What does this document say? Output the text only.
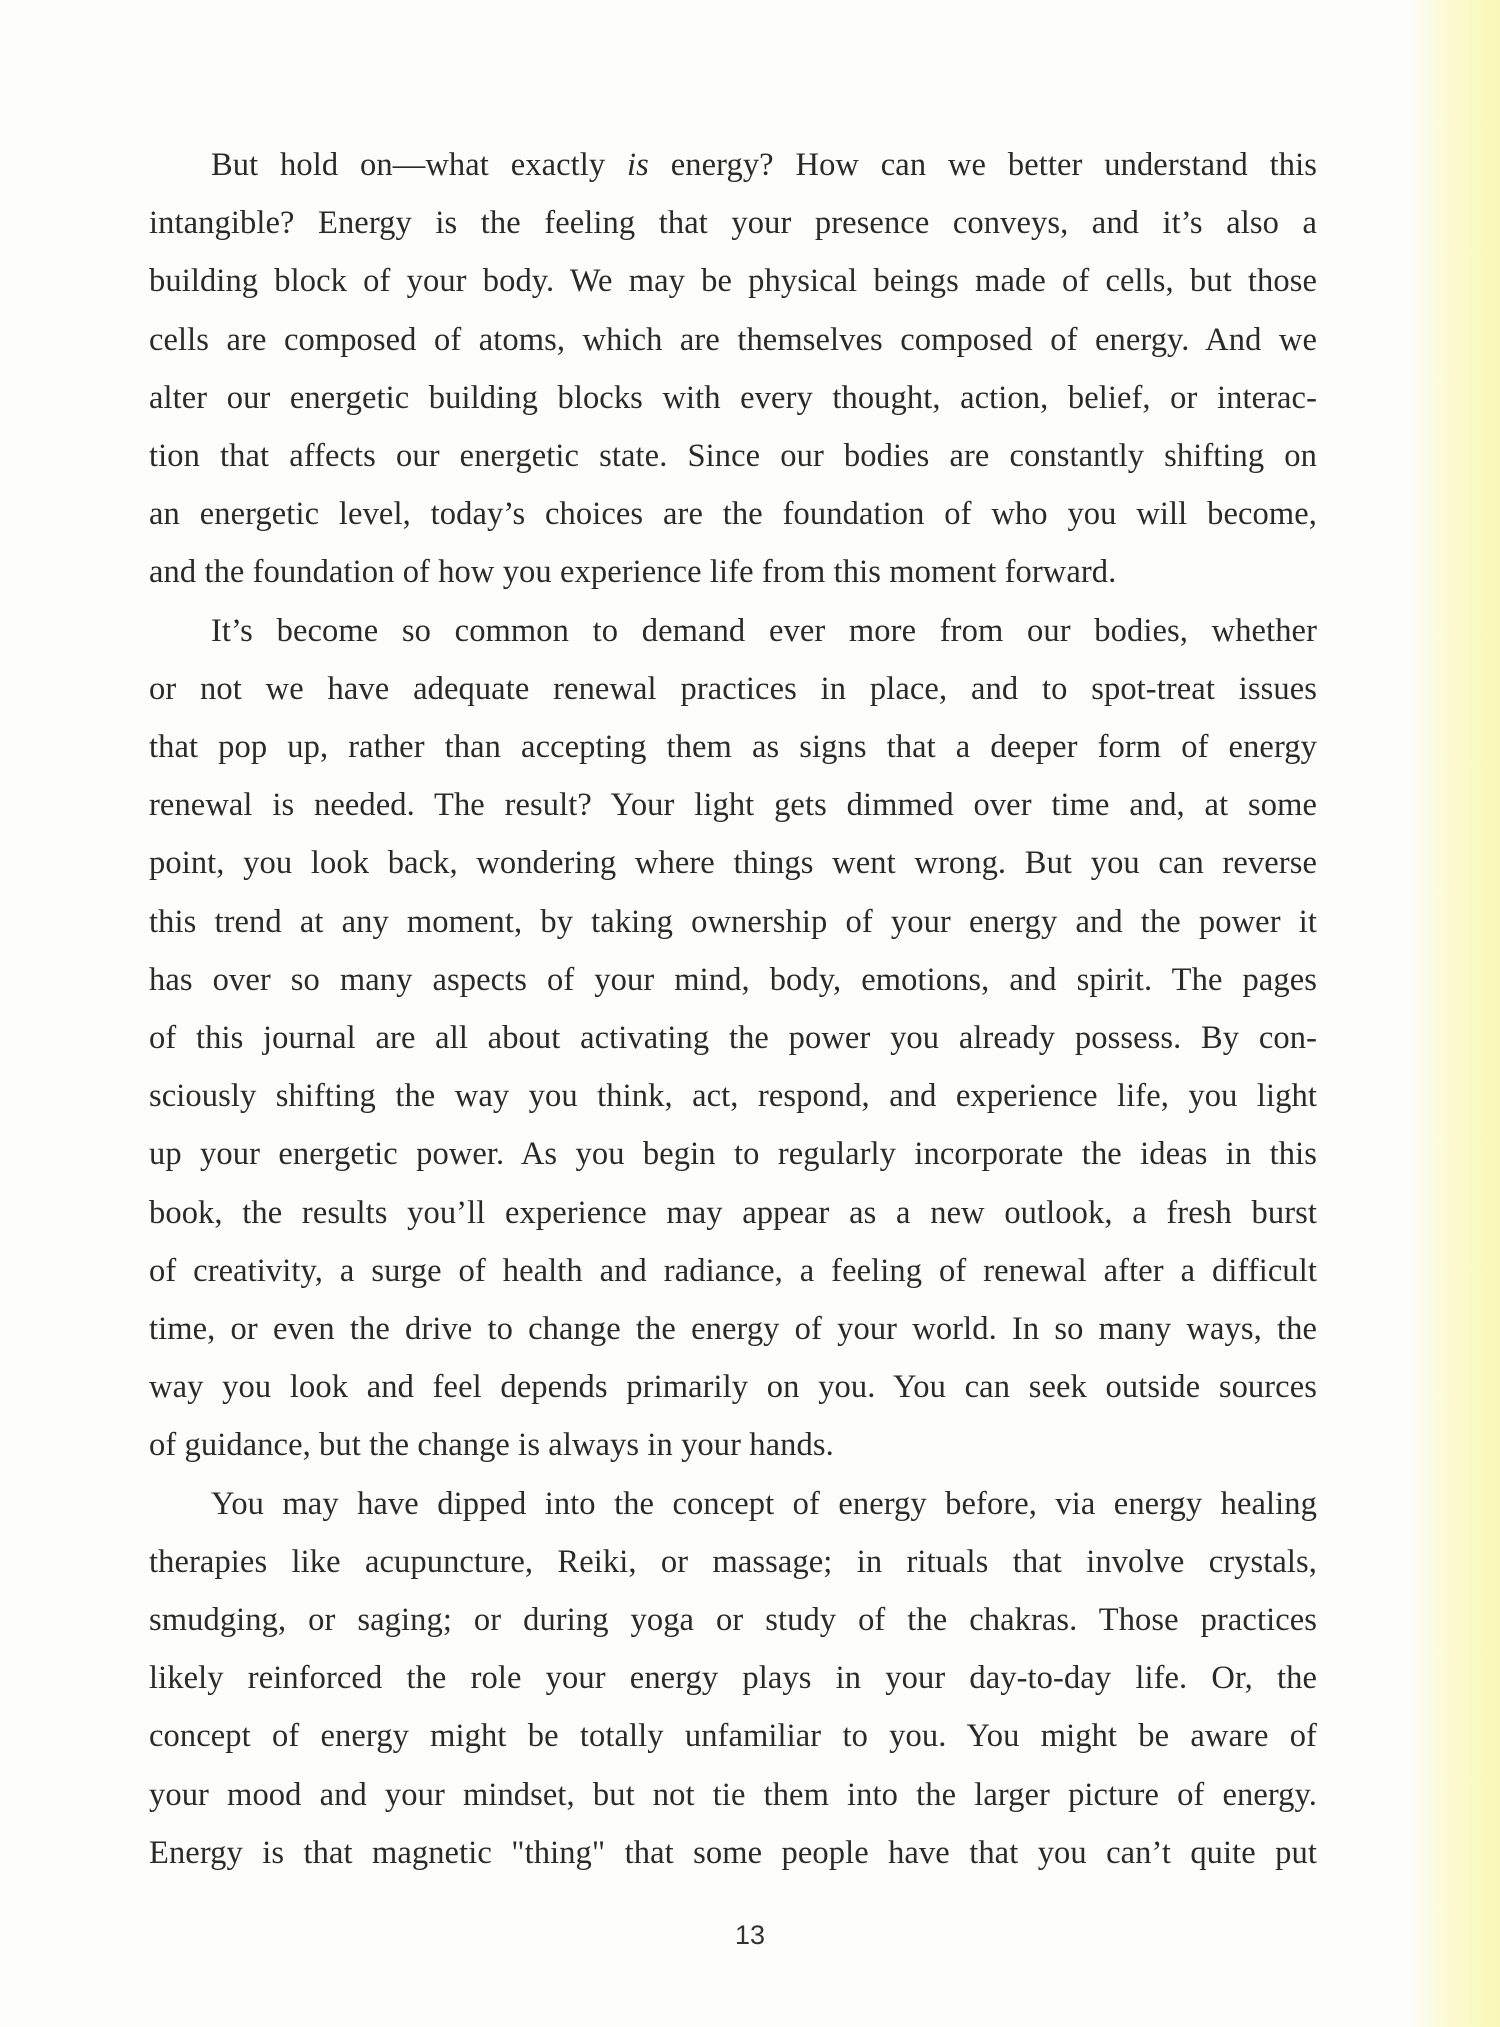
But hold on—what exactly is energy? How can we better understand this
intangible? Energy is the feeling that your presence conveys, and it’s also a
building block of your body. We may be physical beings made of cells, but those
cells are composed of atoms, which are themselves composed of energy. And we
alter our energetic building blocks with every thought, action, belief, or interac-
tion that affects our energetic state. Since our bodies are constantly shifting on
an energetic level, today’s choices are the foundation of who you will become,
and the foundation of how you experience life from this moment forward.
It’s become so common to demand ever more from our bodies, whether
or not we have adequate renewal practices in place, and to spot-treat issues
that pop up, rather than accepting them as signs that a deeper form of energy
renewal is needed. The result? Your light gets dimmed over time and, at some
point, you look back, wondering where things went wrong. But you can reverse
this trend at any moment, by taking ownership of your energy and the power it
has over so many aspects of your mind, body, emotions, and spirit. The pages
of this journal are all about activating the power you already possess. By con-
sciously shifting the way you think, act, respond, and experience life, you light
up your energetic power. As you begin to regularly incorporate the ideas in this
book, the results you’ll experience may appear as a new outlook, a fresh burst
of creativity, a surge of health and radiance, a feeling of renewal after a difficult
time, or even the drive to change the energy of your world. In so many ways, the
way you look and feel depends primarily on you. You can seek outside sources
of guidance, but the change is always in your hands.
You may have dipped into the concept of energy before, via energy healing
therapies like acupuncture, Reiki, or massage; in rituals that involve crystals,
smudging, or saging; or during yoga or study of the chakras. Those practices
likely reinforced the role your energy plays in your day-to-day life. Or, the
concept of energy might be totally unfamiliar to you. You might be aware of
your mood and your mindset, but not tie them into the larger picture of energy.
Energy is that magnetic "thing" that some people have that you can’t quite put
13
